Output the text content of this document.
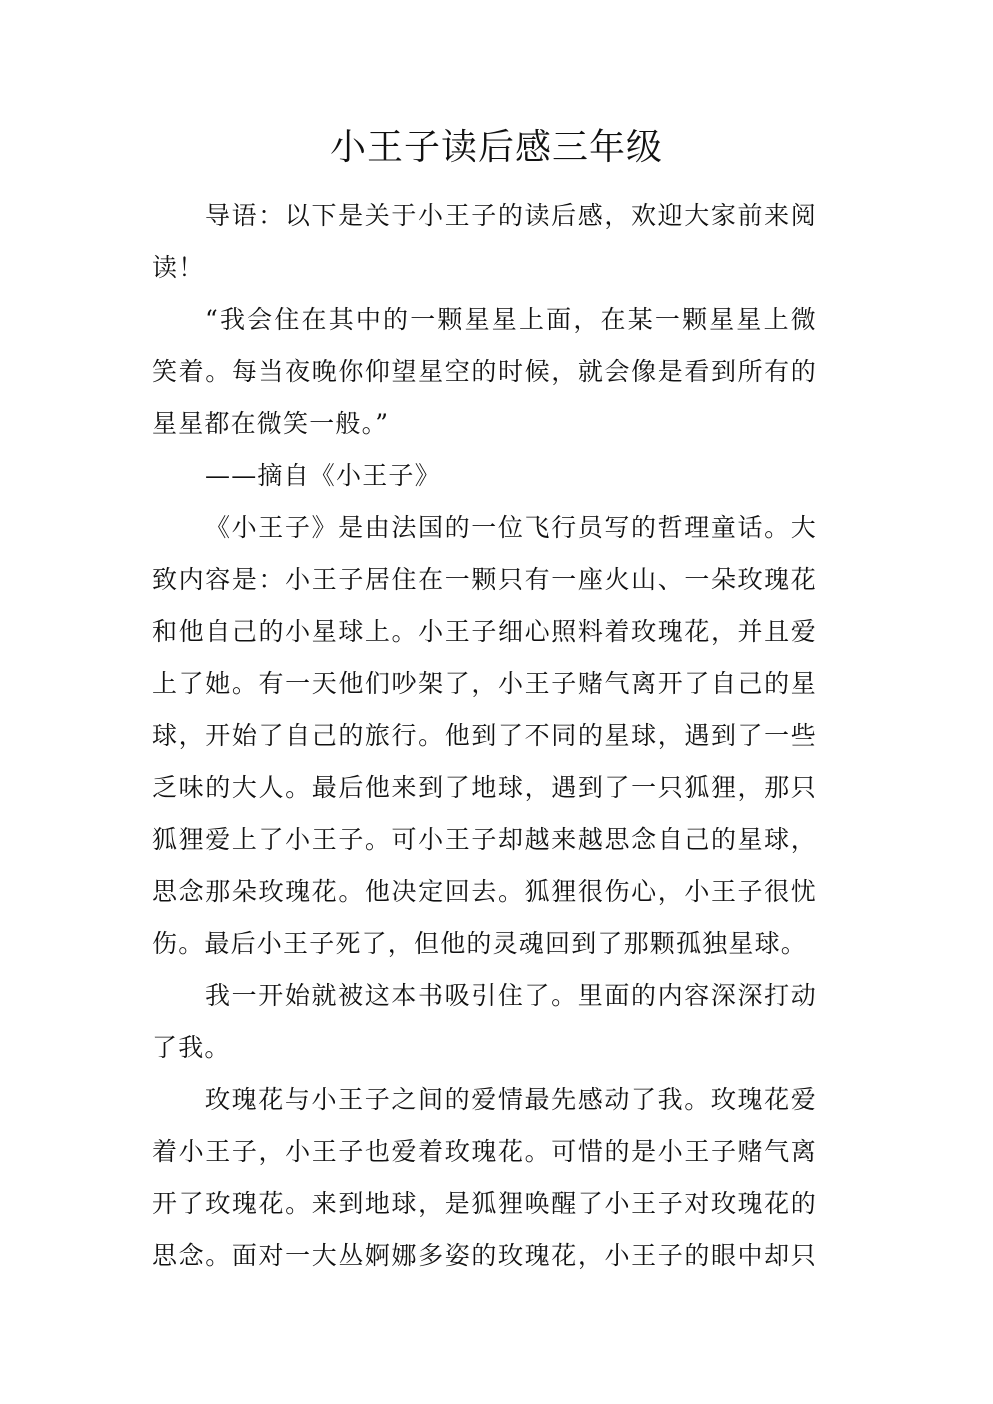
小王子读后感三年级
导语：以下是关于小王子的读后感，欢迎大家前来阅
读！
“我会住在其中的一颗星星上面，在某一颗星星上微
笑着。每当夜晚你仰望星空的时候，就会像是看到所有的
星星都在微笑一般。”
——摘自《小王子》
《小王子》是由法国的一位飞行员写的哲理童话。大
致内容是：小王子居住在一颗只有一座火山、一朵玫瑰花
和他自己的小星球上。小王子细心照料着玫瑰花，并且爱
上了她。有一天他们吵架了，小王子赌气离开了自己的星
球，开始了自己的旅行。他到了不同的星球，遇到了一些
乏味的大人。最后他来到了地球，遇到了一只狐狸，那只
狐狸爱上了小王子。可小王子却越来越思念自己的星球，
思念那朵玫瑰花。他决定回去。狐狸很伤心，小王子很忧
伤。最后小王子死了，但他的灵魂回到了那颗孤独星球。
我一开始就被这本书吸引住了。里面的内容深深打动
了我。
玫瑰花与小王子之间的爱情最先感动了我。玫瑰花爱
着小王子，小王子也爱着玫瑰花。可惜的是小王子赌气离
开了玫瑰花。来到地球，是狐狸唤醒了小王子对玫瑰花的
思念。面对一大丛婀娜多姿的玫瑰花，小王子的眼中却只
